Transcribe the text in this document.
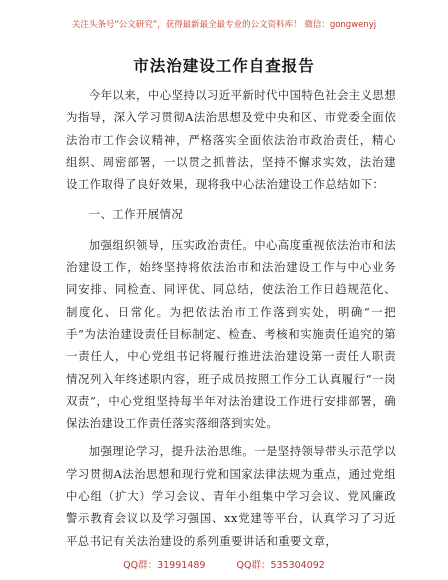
关注头条号“公文研究”，获得最新最全最专业的公文资料库！ 微信：gongwenyj
市法治建设工作自查报告

今年以来，中心坚持以习近平新时代中国特色社会主义思想为指导，深入学习贯彻A法治思想及党中央和区、市党委全面依法治市工作会议精神，严格落实全面依法治市政治责任，精心组织、周密部署，一以贯之抓普法，坚持不懈求实效，法治建设工作取得了良好效果，现将我中心法治建设工作总结如下：

一、工作开展情况

加强组织领导，压实政治责任。中心高度重视依法治市和法治建设工作，始终坚持将依法治市和法治建设工作与中心业务同安排、同检查、同评优、同总结，使法治工作日趋规范化、制度化、日常化。为把依法治市工作落到实处，明确“一把手”为法治建设责任目标制定、检查、考核和实施责任追究的第一责任人，中心党组书记将履行推进法治建设第一责任人职责情况列入年终述职内容，班子成员按照工作分工认真履行“一岗双责”，中心党组坚持每半年对法治建设工作进行安排部署，确保法治建设工作责任落实落细落到实处。

加强理论学习，提升法治思维。一是坚持领导带头示范学以学习贯彻A法治思想和现行党和国家法律法规为重点，通过党组中心组（扩大）学习会议、青年小组集中学习会议、党风廉政警示教育会议以及学习强国、xx党建等平台，认真学习了习近平总书记有关法治建设的系列重要讲话和重要文章，

QQ群：31991489	QQ群：535304092
